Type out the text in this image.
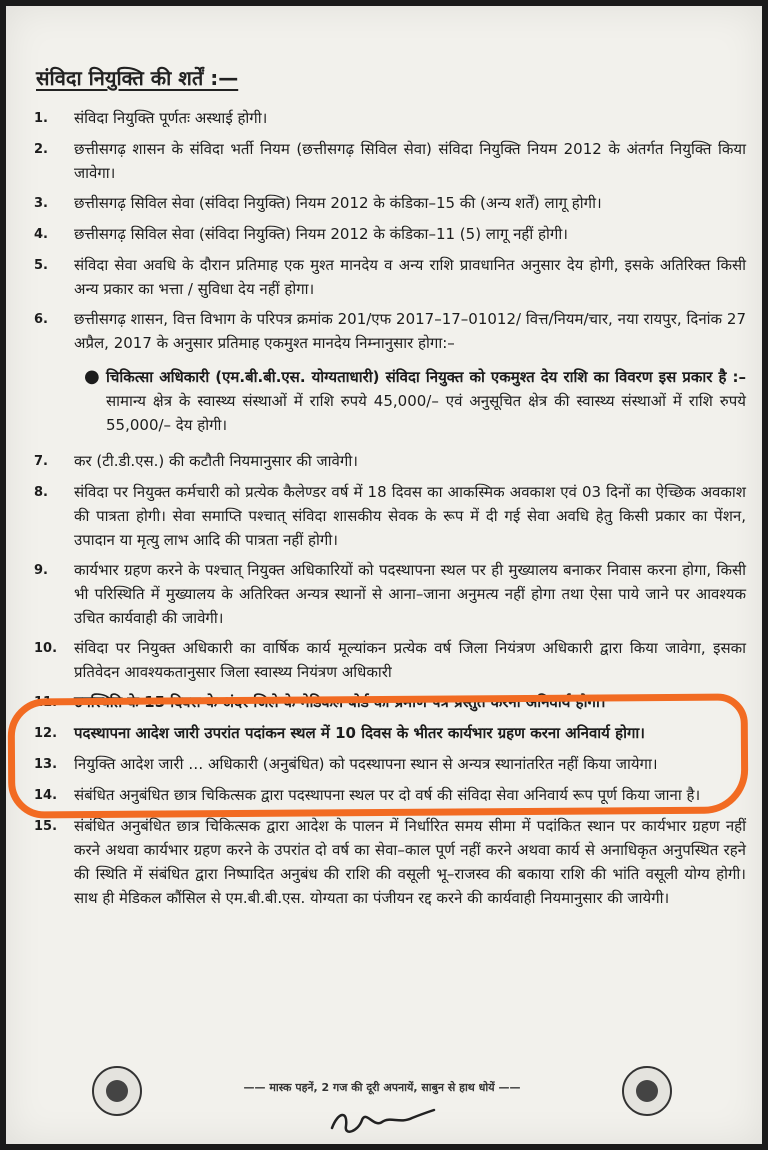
संविदा नियुक्ति की शर्तें :—
1.	संविदा नियुक्ति पूर्णतः अस्थाई होगी।
2.	छत्तीसगढ़ शासन के संविदा भर्ती नियम (छत्तीसगढ़ सिविल सेवा) संविदा नियुक्ति नियम 2012 के अंतर्गत नियुक्ति किया जावेगा।
3.	छत्तीसगढ़ सिविल सेवा (संविदा नियुक्ति) नियम 2012 के कंडिका–15 की (अन्य शर्तें) लागू होगी।
4.	छत्तीसगढ़ सिविल सेवा (संविदा नियुक्ति) नियम 2012 के कंडिका–11 (5) लागू नहीं होगी।
5.	संविदा सेवा अवधि के दौरान प्रतिमाह एक मुश्त मानदेय व अन्य राशि प्रावधानित अनुसार देय होगी, इसके अतिरिक्त किसी अन्य प्रकार का भत्ता / सुविधा देय नहीं होगा।
6.	छत्तीसगढ़ शासन, वित्त विभाग के परिपत्र क्रमांक 201/एफ 2017–17–01012/ वित्त/नियम/चार, नया रायपुर, दिनांक 27 अप्रैल, 2017 के अनुसार प्रतिमाह एकमुश्त मानदेय निम्नानुसार होगा:–
● चिकित्सा अधिकारी (एम.बी.बी.एस. योग्यताधारी) संविदा नियुक्त को एकमुश्त देय राशि का विवरण इस प्रकार है :– सामान्य क्षेत्र के स्वास्थ्य संस्थाओं में राशि रुपये 45,000/– एवं अनुसूचित क्षेत्र की स्वास्थ्य संस्थाओं में राशि रुपये 55,000/– देय होगी।
7.	कर (टी.डी.एस.) की कटौती नियमानुसार की जावेगी।
8.	संविदा पर नियुक्त कर्मचारी को प्रत्येक कैलेण्डर वर्ष में 18 दिवस का आकस्मिक अवकाश एवं 03 दिनों का ऐच्छिक अवकाश की पात्रता होगी। सेवा समाप्ति पश्चात् संविदा शासकीय सेवक के रूप में दी गई सेवा अवधि हेतु किसी प्रकार का पेंशन, उपादान या मृत्यु लाभ आदि की पात्रता नहीं होगी।
9.	कार्यभार ग्रहण करने के पश्चात् नियुक्त अधिकारियों को पदस्थापना स्थल पर ही मुख्यालय बनाकर निवास करना होगा, किसी भी परिस्थिति में मुख्यालय के अतिरिक्त अन्यत्र स्थानों से आना–जाना अनुमत्य नहीं होगा तथा ऐसा पाये जाने पर आवश्यक उचित कार्यवाही की जावेगी।
10.	संविदा पर नियुक्त अधिकारी का वार्षिक कार्य मूल्यांकन प्रत्येक वर्ष जिला नियंत्रण अधिकारी द्वारा किया जावेगा, इसका प्रतिवेदन आवश्यकतानुसार जिला स्वास्थ्य नियंत्रण अधिकारी
11.	उपस्थिति के 15 दिवस के अंदर जिले के मेडिकल बोर्ड का प्रमाण पत्र प्रस्तुत करना अनिवार्य होगा।
12.	पदस्थापना आदेश जारी उपरांत पदांकन स्थल में 10 दिवस के भीतर कार्यभार ग्रहण करना अनिवार्य होगा।
13.	नियुक्ति आदेश जारी … अधिकारी (अनुबंधित) को पदस्थापना स्थान से अन्यत्र स्थानांतरित नहीं किया जायेगा।
14.	संबंधित अनुबंधित छात्र चिकित्सक द्वारा पदस्थापना स्थल पर दो वर्ष की संविदा सेवा अनिवार्य रूप पूर्ण किया जाना है।
15.	संबंधित अनुबंधित छात्र चिकित्सक द्वारा आदेश के पालन में निर्धारित समय सीमा में पदांकित स्थान पर कार्यभार ग्रहण नहीं करने अथवा कार्यभार ग्रहण करने के उपरांत दो वर्ष का सेवा–काल पूर्ण नहीं करने अथवा कार्य से अनाधिकृत अनुपस्थित रहने की स्थिति में संबंधित द्वारा निष्पादित अनुबंध की राशि की वसूली भू–राजस्व की बकाया राशि की भांति वसूली योग्य होगी। साथ ही मेडिकल कौंसिल से एम.बी.बी.एस. योग्यता का पंजीयन रद्द करने की कार्यवाही नियमानुसार की जायेगी।
—— मास्क पहनें, 2 गज की दूरी अपनायें, साबुन से हाथ धोयें ——
